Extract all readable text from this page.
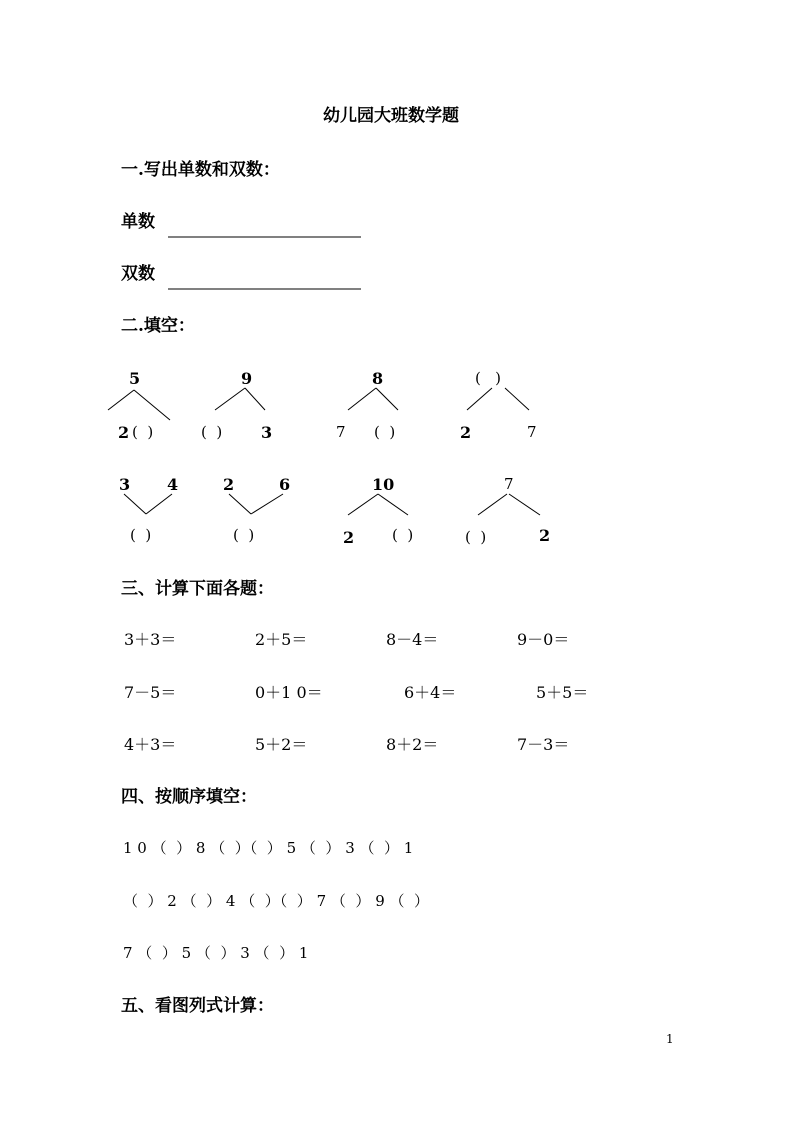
幼儿园大班数学题
一.写出单数和双数：
单数
双数
二.填空：
5
2 (  )
9
(  ) 3
8
7 (  )
(   )
2	7
3 4
(  )
2	6
(  )
10
2	(  )
7
(  )	2
三、计算下面各题：
3＋3＝	2＋5＝	8－4＝	9－0＝
7－5＝	0＋1 0＝	6＋4＝	5＋5＝
4＋3＝	5＋2＝	8＋2＝	7－3＝
四、按顺序填空：
1 0 （  ） 8 （  ）（  ） 5 （  ） 3 （  ） 1
（  ） 2 （  ） 4 （  ）（  ） 7 （  ） 9 （  ）
7 （  ） 5 （  ） 3 （  ） 1
五、看图列式计算：
1
